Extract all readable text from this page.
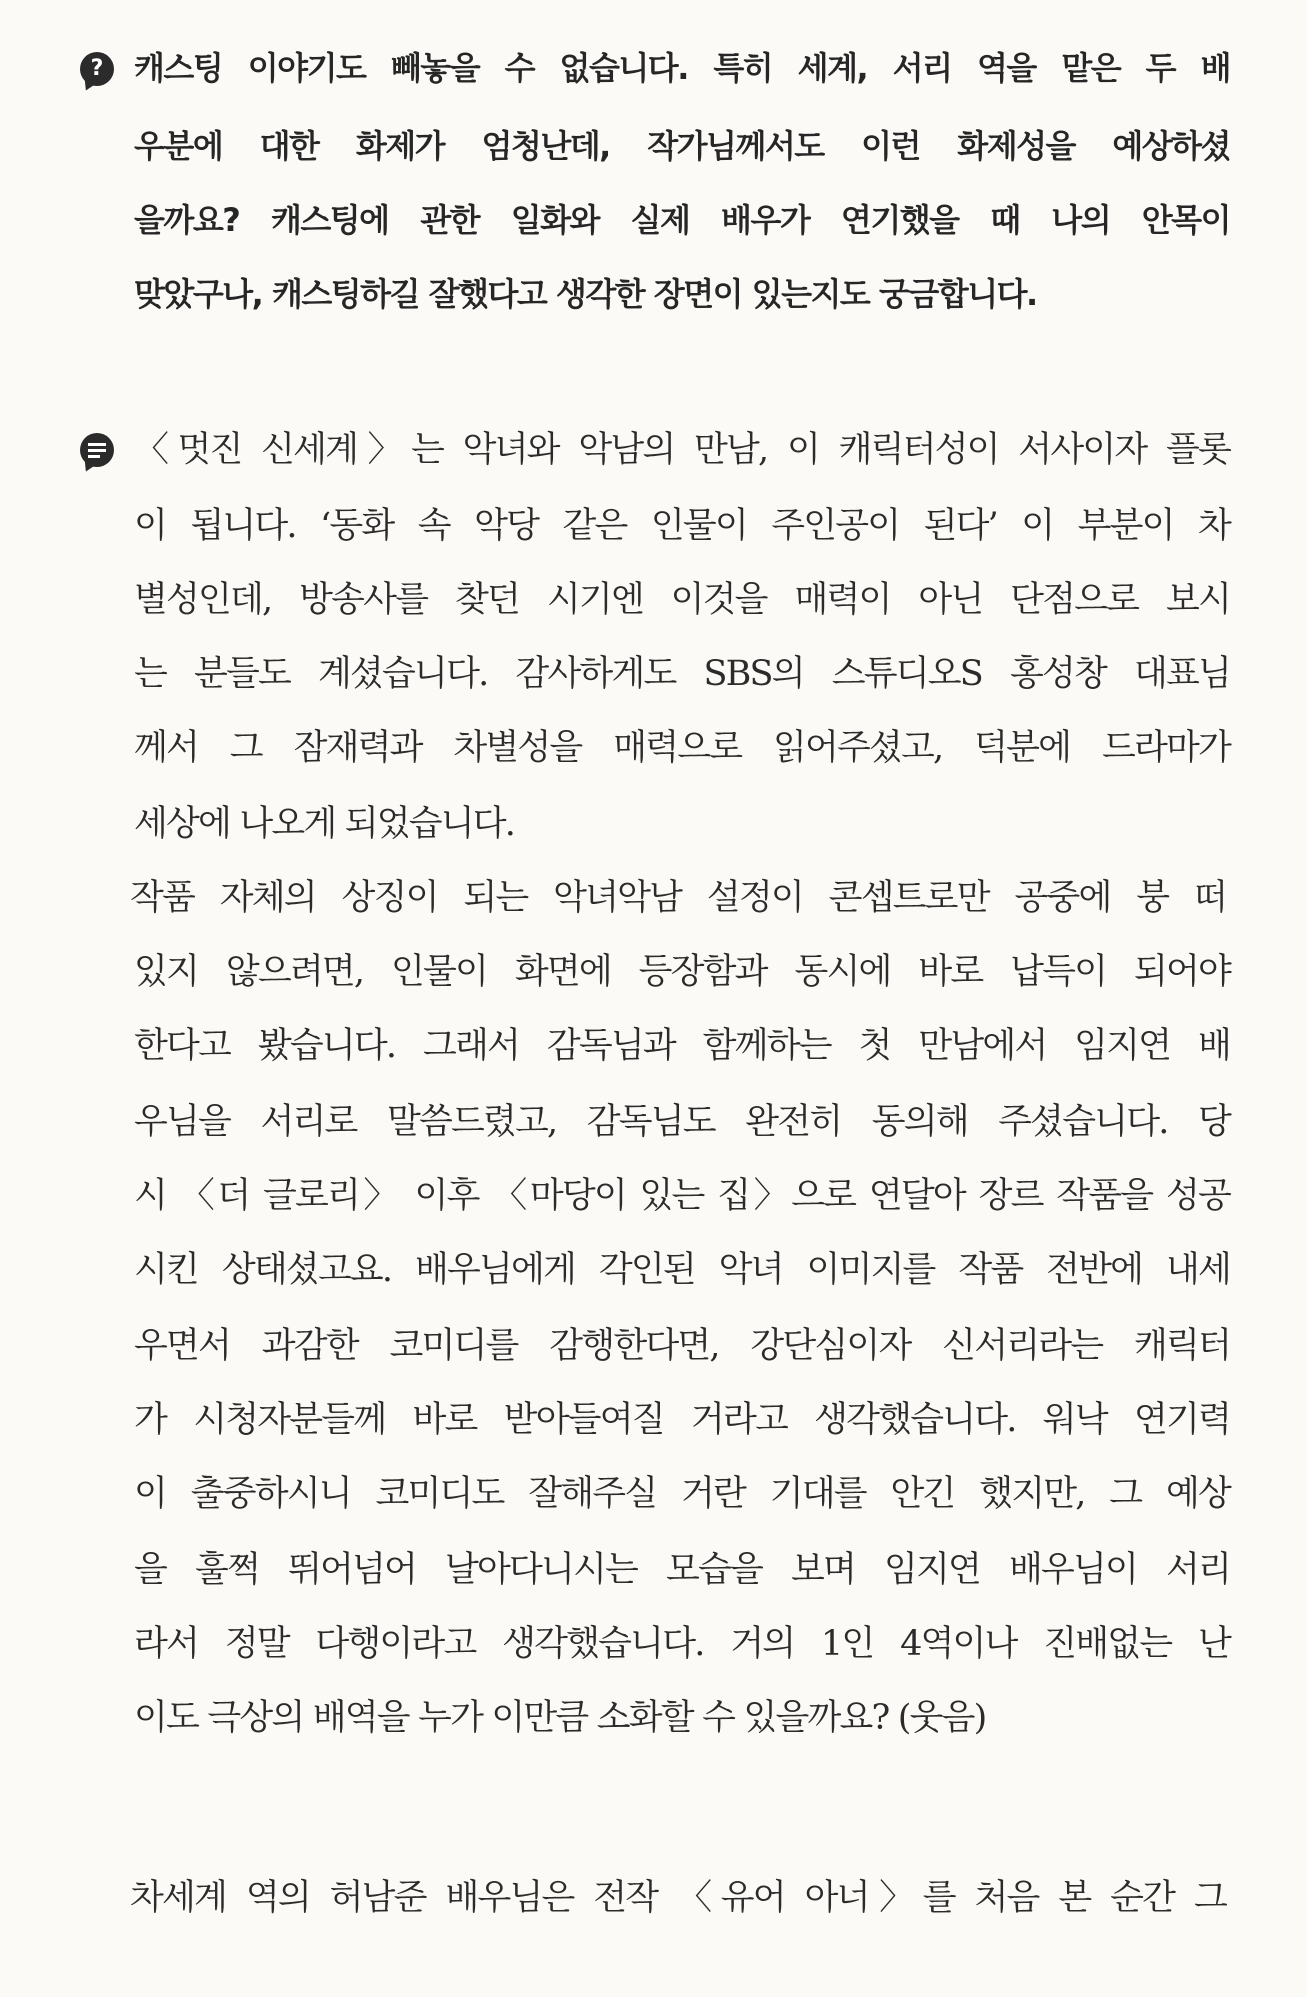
? 캐스팅 이야기도 빼놓을 수 없습니다. 특히 세계, 서리 역을 맡은 두 배
우분에 대한 화제가 엄청난데, 작가님께서도 이런 화제성을 예상하셨
을까요? 캐스팅에 관한 일화와 실제 배우가 연기했을 때 나의 안목이
맞았구나, 캐스팅하길 잘했다고 생각한 장면이 있는지도 궁금합니다.
〈멋진 신세계〉는 악녀와 악남의 만남, 이 캐릭터성이 서사이자 플롯
이 됩니다. ‘동화 속 악당 같은 인물이 주인공이 된다’ 이 부분이 차
별성인데, 방송사를 찾던 시기엔 이것을 매력이 아닌 단점으로 보시
는 분들도 계셨습니다. 감사하게도 SBS의 스튜디오S 홍성창 대표님
께서 그 잠재력과 차별성을 매력으로 읽어주셨고, 덕분에 드라마가
세상에 나오게 되었습니다.
작품 자체의 상징이 되는 악녀악남 설정이 콘셉트로만 공중에 붕 떠
있지 않으려면, 인물이 화면에 등장함과 동시에 바로 납득이 되어야
한다고 봤습니다. 그래서 감독님과 함께하는 첫 만남에서 임지연 배
우님을 서리로 말씀드렸고, 감독님도 완전히 동의해 주셨습니다. 당
시 〈더 글로리〉 이후 〈마당이 있는 집〉으로 연달아 장르 작품을 성공
시킨 상태셨고요. 배우님에게 각인된 악녀 이미지를 작품 전반에 내세
우면서 과감한 코미디를 감행한다면, 강단심이자 신서리라는 캐릭터
가 시청자분들께 바로 받아들여질 거라고 생각했습니다. 워낙 연기력
이 출중하시니 코미디도 잘해주실 거란 기대를 안긴 했지만, 그 예상
을 훌쩍 뛰어넘어 날아다니시는 모습을 보며 임지연 배우님이 서리
라서 정말 다행이라고 생각했습니다. 거의 1인 4역이나 진배없는 난
이도 극상의 배역을 누가 이만큼 소화할 수 있을까요? (웃음)
차세계 역의 허남준 배우님은 전작 〈유어 아너〉를 처음 본 순간 그
